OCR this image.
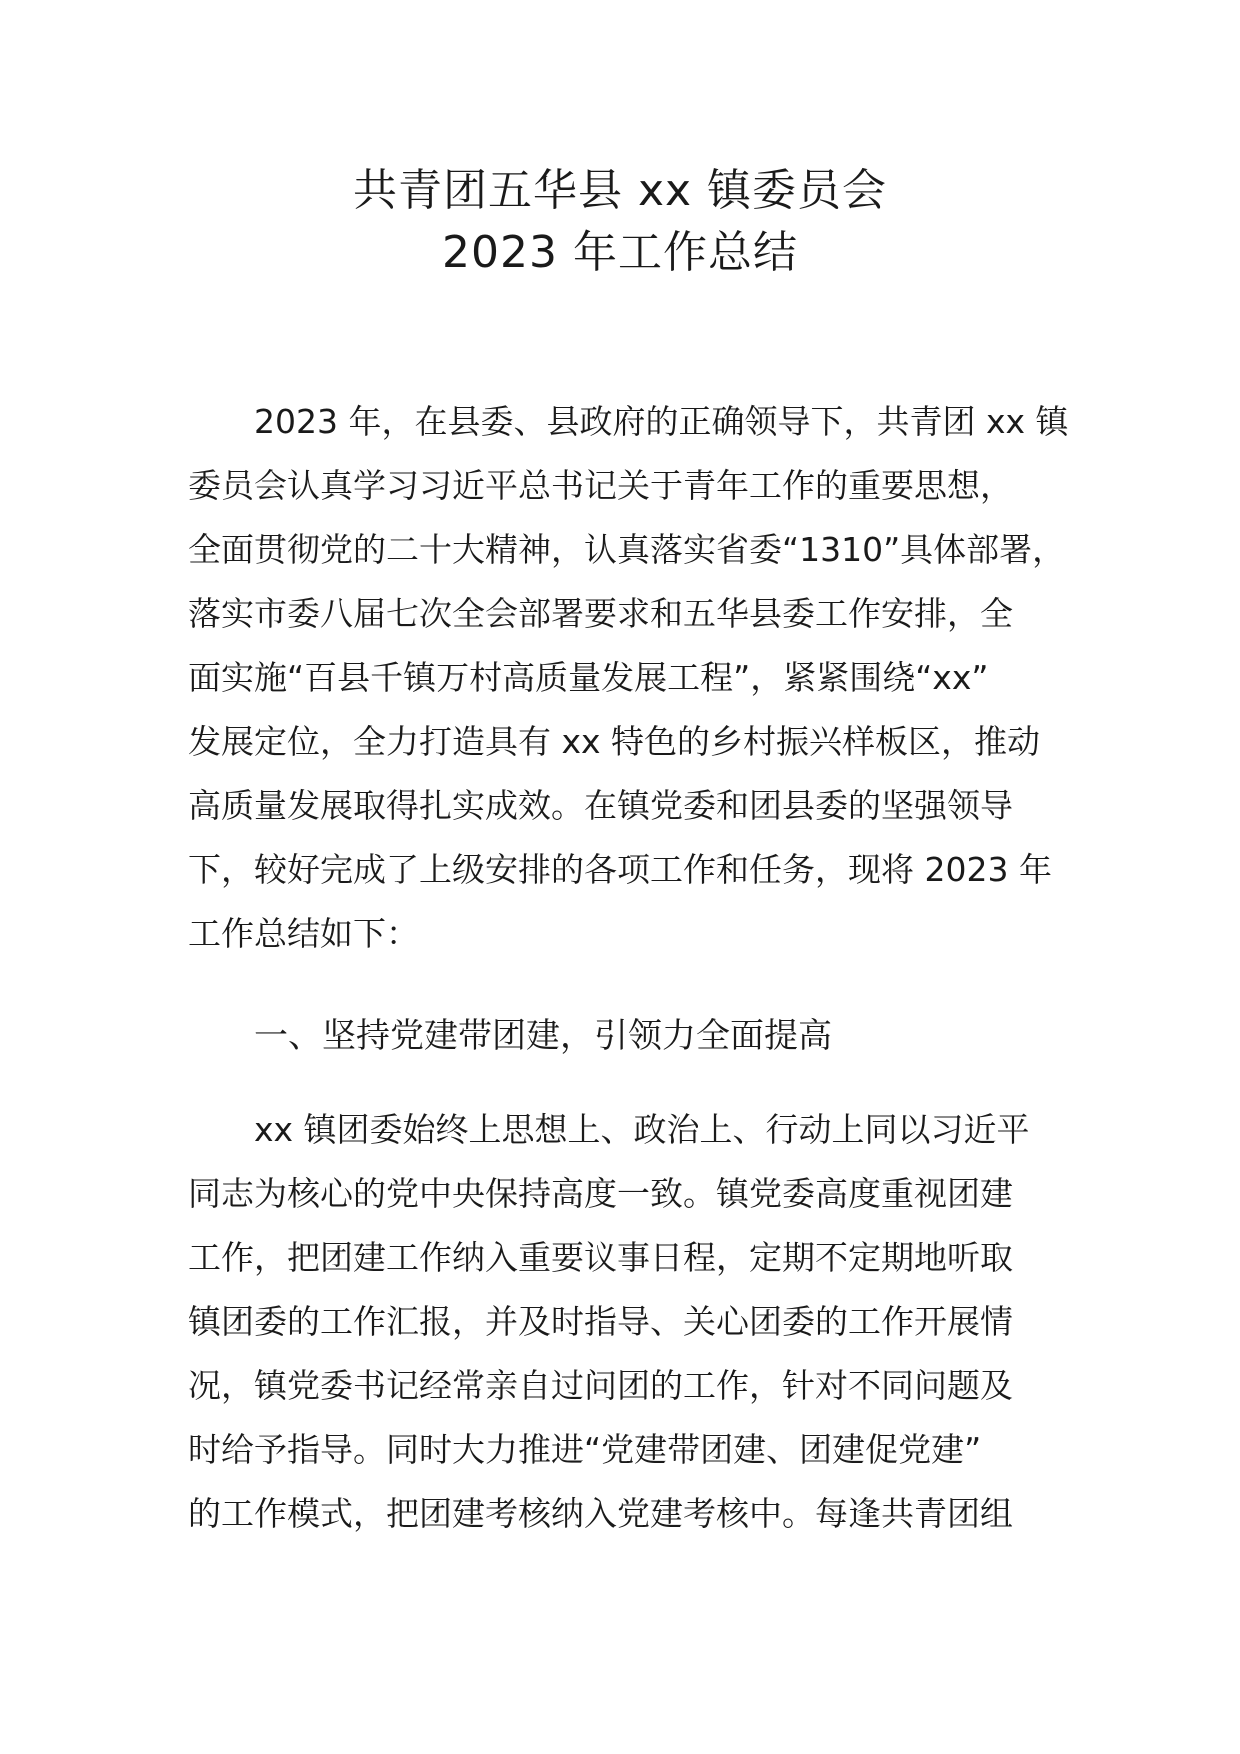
共青团五华县 xx 镇委员会
2023 年工作总结
2023 年，在县委、县政府的正确领导下，共青团 xx 镇
委员会认真学习习近平总书记关于青年工作的重要思想，
全面贯彻党的二十大精神，认真落实省委“1310”具体部署，
落实市委八届七次全会部署要求和五华县委工作安排，全
面实施“百县千镇万村高质量发展工程”，紧紧围绕“xx”
发展定位，全力打造具有 xx 特色的乡村振兴样板区，推动
高质量发展取得扎实成效。在镇党委和团县委的坚强领导
下，较好完成了上级安排的各项工作和任务，现将 2023 年
工作总结如下：
一、坚持党建带团建，引领力全面提高
xx 镇团委始终上思想上、政治上、行动上同以习近平
同志为核心的党中央保持高度一致。镇党委高度重视团建
工作，把团建工作纳入重要议事日程，定期不定期地听取
镇团委的工作汇报，并及时指导、关心团委的工作开展情
况，镇党委书记经常亲自过问团的工作，针对不同问题及
时给予指导。同时大力推进“党建带团建、团建促党建”
的工作模式，把团建考核纳入党建考核中。每逢共青团组
